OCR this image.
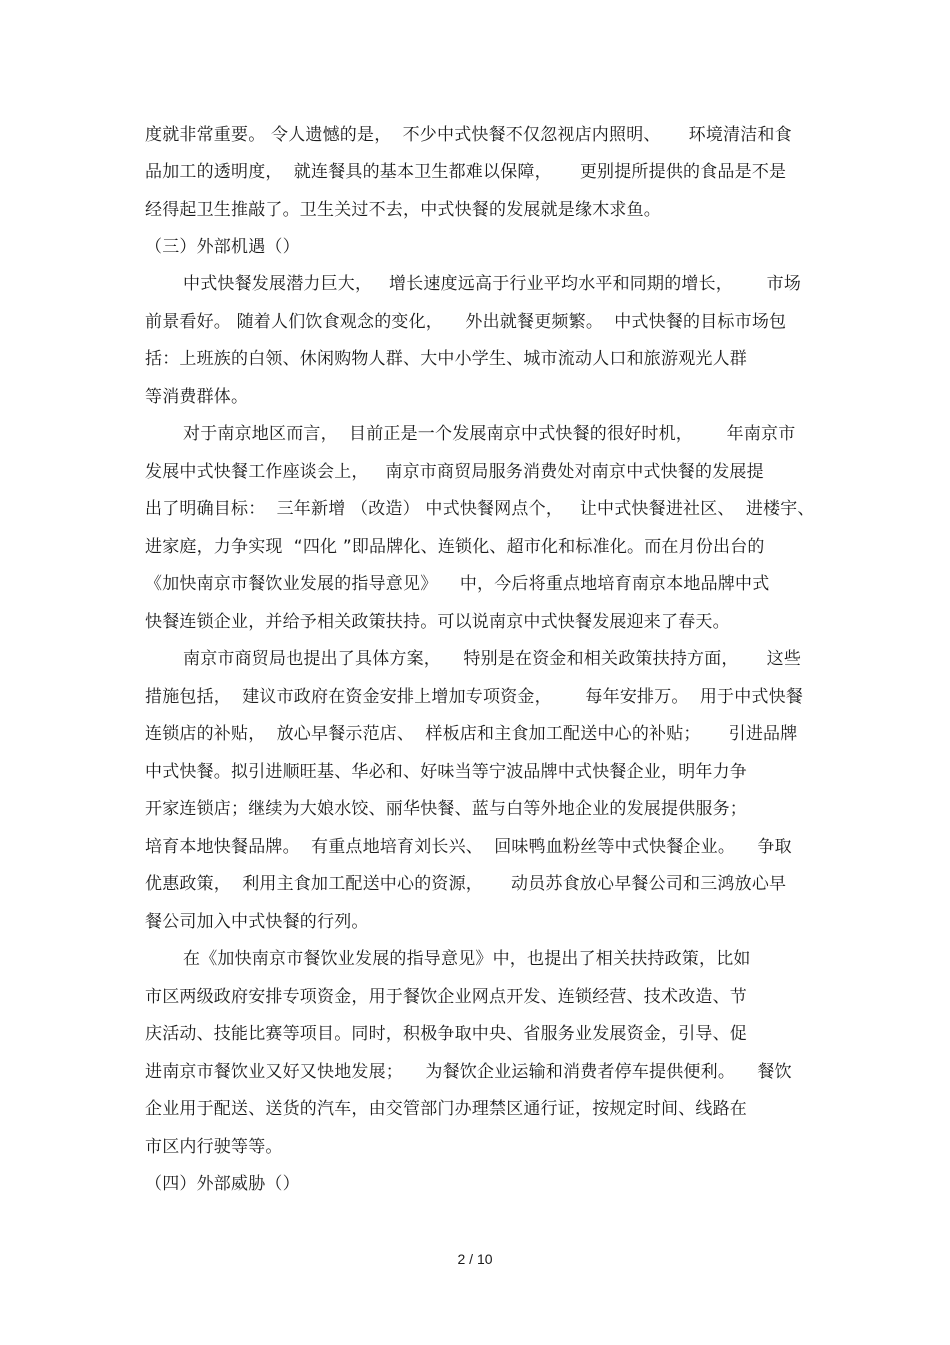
度就非常重要。 令人遗憾的是，  不少中式快餐不仅忽视店内照明、     环境清洁和食
品加工的透明度，  就连餐具的基本卫生都难以保障，     更别提所提供的食品是不是
经得起卫生推敲了。卫生关过不去，中式快餐的发展就是缘木求鱼。
（三）外部机遇（）
中式快餐发展潜力巨大，   增长速度远高于行业平均水平和同期的增长，      市场
前景看好。 随着人们饮食观念的变化，    外出就餐更频繁。  中式快餐的目标市场包
括：上班族的白领、休闲购物人群、大中小学生、城市流动人口和旅游观光人群
等消费群体。
对于南京地区而言，  目前正是一个发展南京中式快餐的很好时机，      年南京市
发展中式快餐工作座谈会上，   南京市商贸局服务消费处对南京中式快餐的发展提
出了明确目标：  三年新增 （改造） 中式快餐网点个，   让中式快餐进社区、  进楼宇、
进家庭，力争实现  “四化 ”即品牌化、连锁化、超市化和标准化。而在月份出台的
《加快南京市餐饮业发展的指导意见》    中，今后将重点地培育南京本地品牌中式
快餐连锁企业，并给予相关政策扶持。可以说南京中式快餐发展迎来了春天。
南京市商贸局也提出了具体方案，    特别是在资金和相关政策扶持方面，     这些
措施包括，  建议市政府在资金安排上增加专项资金，      每年安排万。  用于中式快餐
连锁店的补贴，  放心早餐示范店、  样板店和主食加工配送中心的补贴；     引进品牌
中式快餐。拟引进顺旺基、华必和、好味当等宁波品牌中式快餐企业，明年力争
开家连锁店；继续为大娘水饺、丽华快餐、蓝与白等外地企业的发展提供服务；
培育本地快餐品牌。  有重点地培育刘长兴、  回味鸭血粉丝等中式快餐企业。    争取
优惠政策，  利用主食加工配送中心的资源，     动员苏食放心早餐公司和三鸿放心早
餐公司加入中式快餐的行列。
在《加快南京市餐饮业发展的指导意见》中，也提出了相关扶持政策，比如
市区两级政府安排专项资金，用于餐饮企业网点开发、连锁经营、技术改造、节
庆活动、技能比赛等项目。同时，积极争取中央、省服务业发展资金，引导、促
进南京市餐饮业又好又快地发展；    为餐饮企业运输和消费者停车提供便利。    餐饮
企业用于配送、送货的汽车，由交管部门办理禁区通行证，按规定时间、线路在
市区内行驶等等。
（四）外部威胁（）
2 / 10
